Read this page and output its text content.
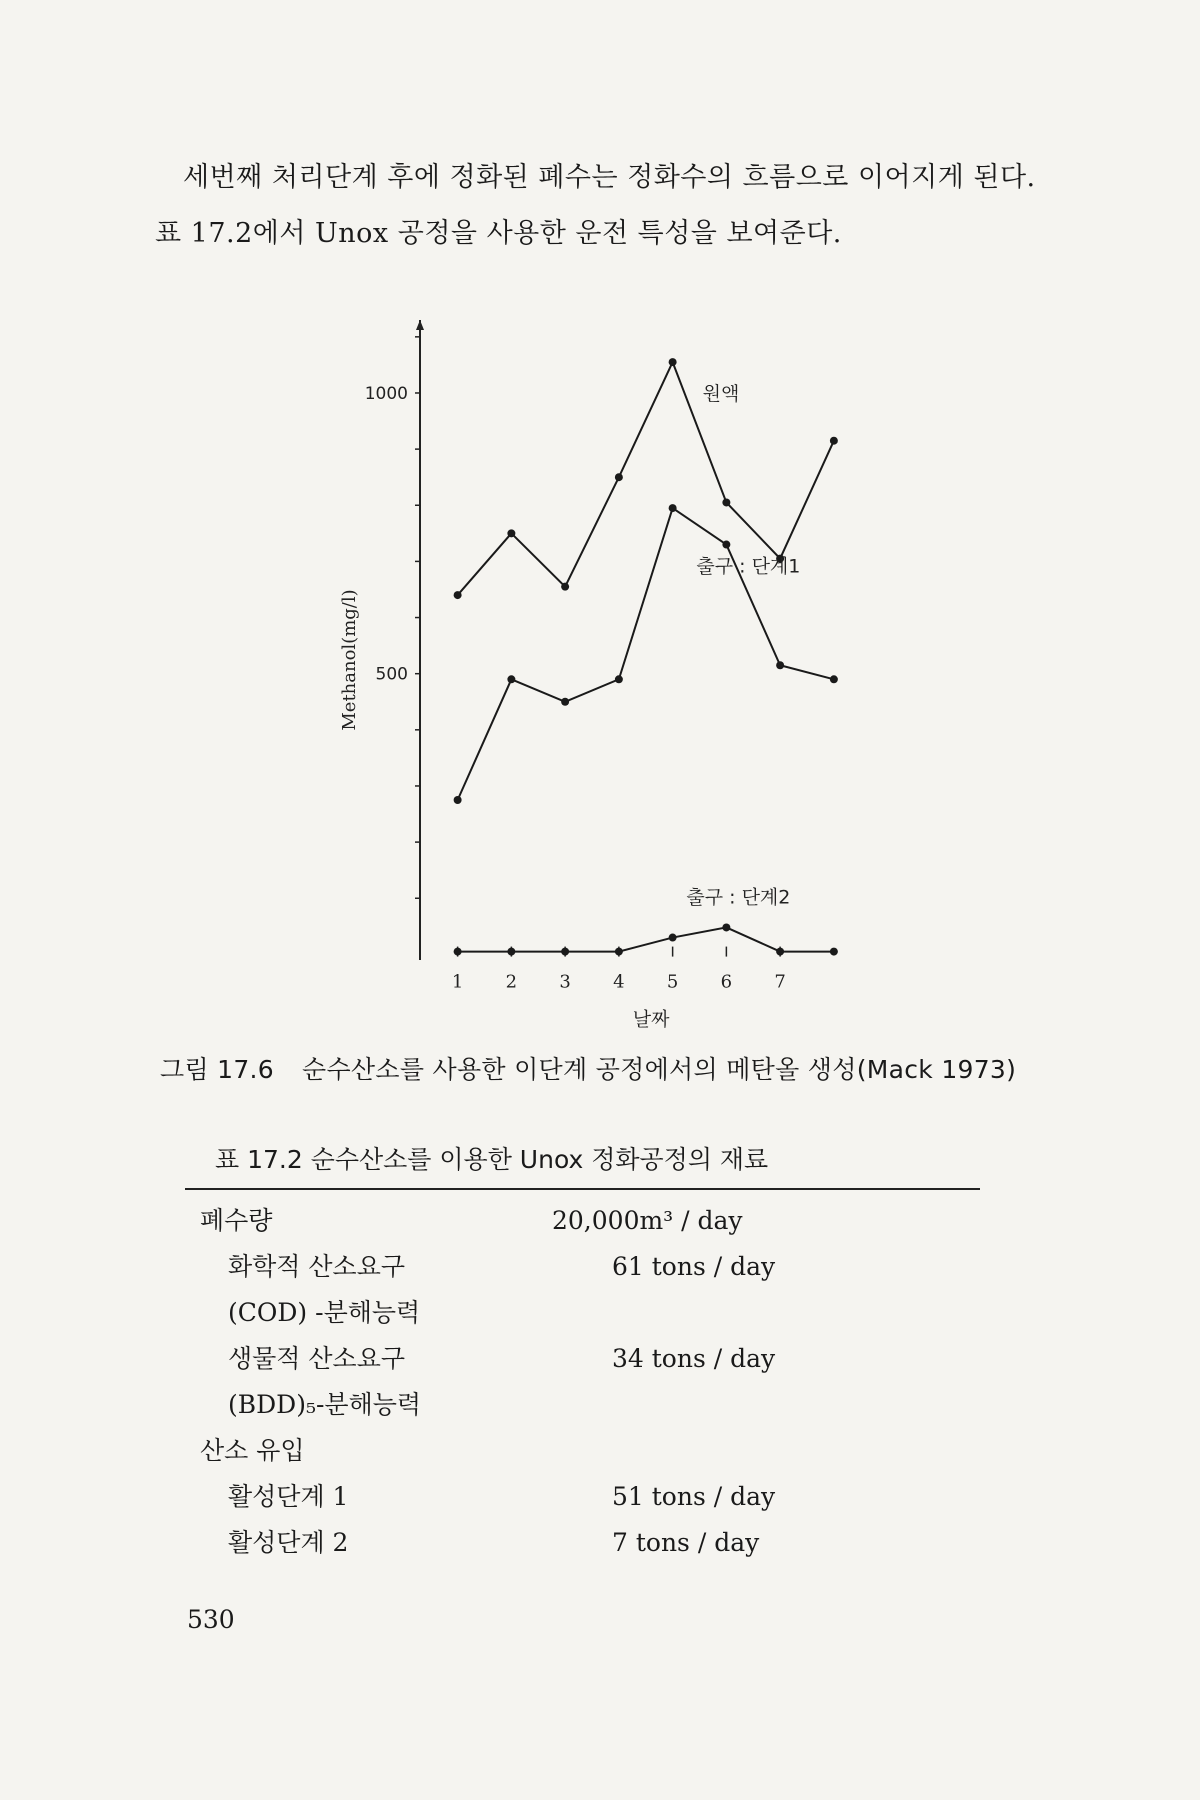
세번째 처리단계 후에 정화된 폐수는 정화수의 흐름으로 이어지게 된다.

표 17.2에서 Unox 공정을 사용한 운전 특성을 보여준다.

500
1000
Methanol(mg/l)
1 2 3 4 5 6 7
날짜
원액
출구 : 단계1
출구 : 단계2
그림 17.6 순수산소를 사용한 이단계 공정에서의 메탄올 생성(Mack 1973)
표 17.2 순수산소를 이용한 Unox 정화공정의 재료
폐수량	20,000m³ / day
화학적 산소요구	61 tons / day
(COD) -분해능력
생물적 산소요구	34 tons / day
(BDD)₅-분해능력
산소 유입
활성단계 1	51 tons / day
활성단계 2	7 tons / day
530
